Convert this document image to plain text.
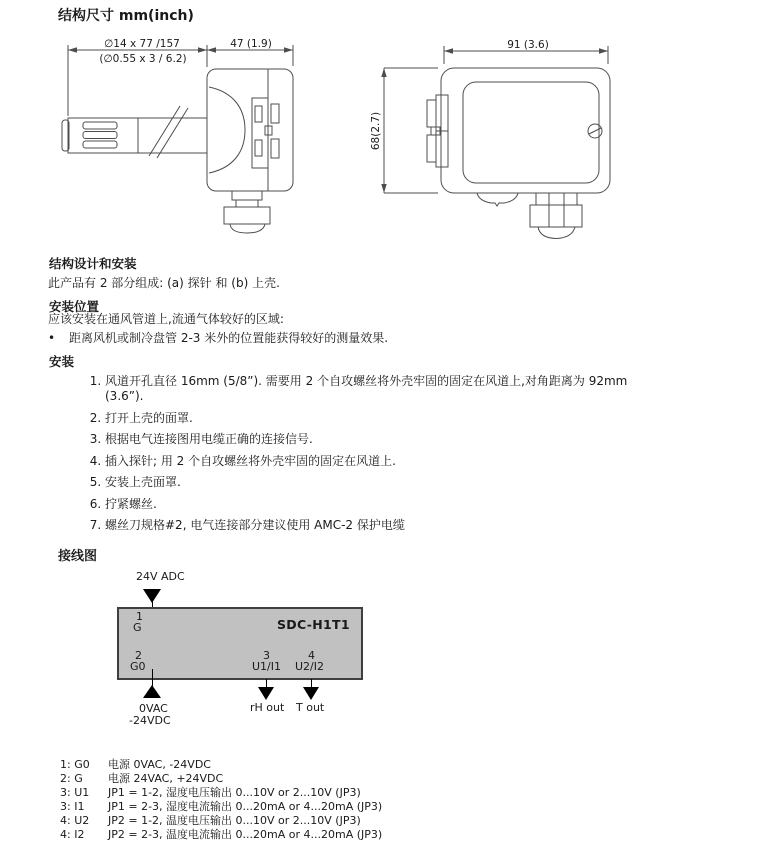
结构尺寸 mm(inch)
∅14 x 77 /157
(∅0.55 x 3 / 6.2)
47 (1.9)	91 (3.6)
68(2.7)
结构设计和安装
此产品有 2 部分组成: (a) 探针 和 (b) 上壳.
安装位置
应该安装在通风管道上,流通气体较好的区域:
•	距离风机或制冷盘管 2-3 米外的位置能获得较好的测量效果.
安装
1. 风道开孔直径 16mm (5/8”). 需要用 2 个自攻螺丝将外壳牢固的固定在风道上,对角距离为 92mm
(3.6”).
2. 打开上壳的面罩.
3. 根据电气连接图用电缆正确的连接信号.
4. 插入探针; 用 2 个自攻螺丝将外壳牢固的固定在风道上.
5. 安装上壳面罩.
6. 拧紧螺丝.
7. 螺丝刀规格#2, 电气连接部分建议使用 AMC-2 保护电缆
接线图
24V ADC
1
G	SDC-H1T1
2
G0
3
U1/I1
4
U2/I2
0VAC
-24VDC
rH out T out
1: G0	电源 0VAC, -24VDC
2: G	电源 24VAC, +24VDC
3: U1	JP1 = 1-2, 湿度电压输出 0...10V or 2...10V (JP3)
3: I1	JP1 = 2-3, 湿度电流输出 0...20mA or 4...20mA (JP3)
4: U2	JP2 = 1-2, 温度电压输出 0...10V or 2...10V (JP3)
4: I2	JP2 = 2-3, 温度电流输出 0...20mA or 4...20mA (JP3)
